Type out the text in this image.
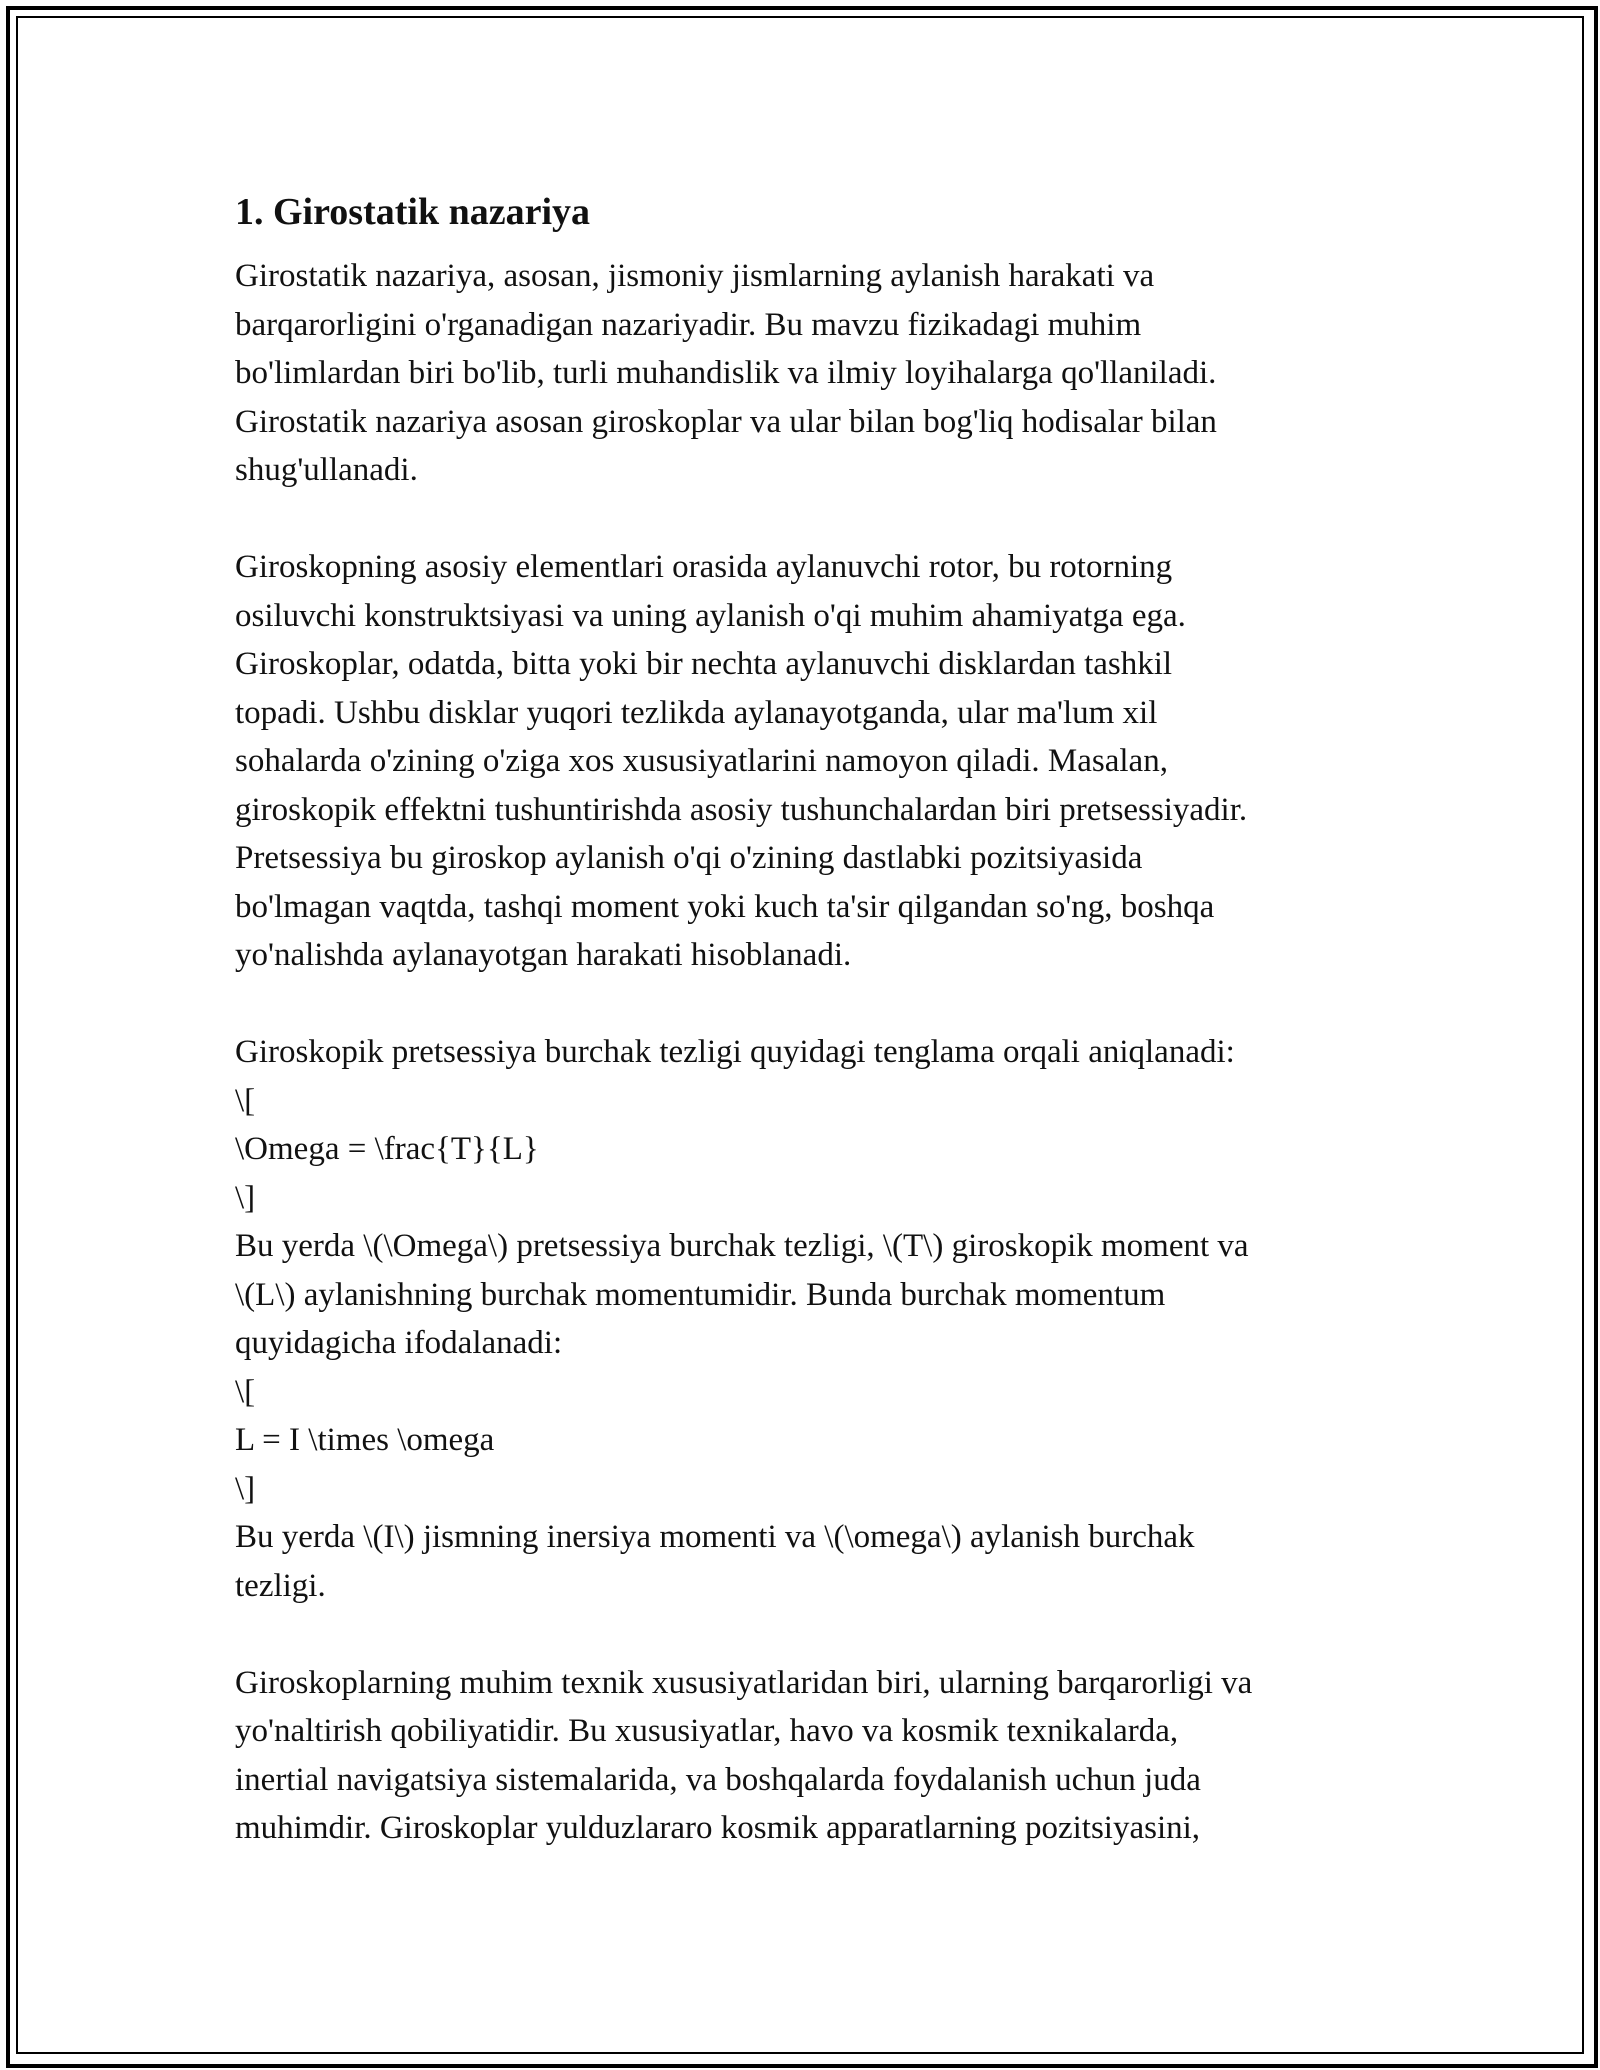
1. Girostatik nazariya
Girostatik nazariya, asosan, jismoniy jismlarning aylanish harakati va
barqarorligini o'rganadigan nazariyadir. Bu mavzu fizikadagi muhim
bo'limlardan biri bo'lib, turli muhandislik va ilmiy loyihalarga qo'llaniladi.
Girostatik nazariya asosan giroskoplar va ular bilan bog'liq hodisalar bilan
shug'ullanadi.
Giroskopning asosiy elementlari orasida aylanuvchi rotor, bu rotorning
osiluvchi konstruktsiyasi va uning aylanish o'qi muhim ahamiyatga ega.
Giroskoplar, odatda, bitta yoki bir nechta aylanuvchi disklardan tashkil
topadi. Ushbu disklar yuqori tezlikda aylanayotganda, ular ma'lum xil
sohalarda o'zining o'ziga xos xususiyatlarini namoyon qiladi. Masalan,
giroskopik effektni tushuntirishda asosiy tushunchalardan biri pretsessiyadir.
Pretsessiya bu giroskop aylanish o'qi o'zining dastlabki pozitsiyasida
bo'lmagan vaqtda, tashqi moment yoki kuch ta'sir qilgandan so'ng, boshqa
yo'nalishda aylanayotgan harakati hisoblanadi.
Giroskopik pretsessiya burchak tezligi quyidagi tenglama orqali aniqlanadi:
\[
\Omega = \frac{T}{L}
\]
Bu yerda \(\Omega\) pretsessiya burchak tezligi, \(T\) giroskopik moment va
\(L\) aylanishning burchak momentumidir. Bunda burchak momentum
quyidagicha ifodalanadi:
\[
L = I \times \omega
\]
Bu yerda \(I\) jismning inersiya momenti va \(\omega\) aylanish burchak
tezligi.
Giroskoplarning muhim texnik xususiyatlaridan biri, ularning barqarorligi va
yo'naltirish qobiliyatidir. Bu xususiyatlar, havo va kosmik texnikalarda,
inertial navigatsiya sistemalarida, va boshqalarda foydalanish uchun juda
muhimdir. Giroskoplar yulduzlararo kosmik apparatlarning pozitsiyasini,
